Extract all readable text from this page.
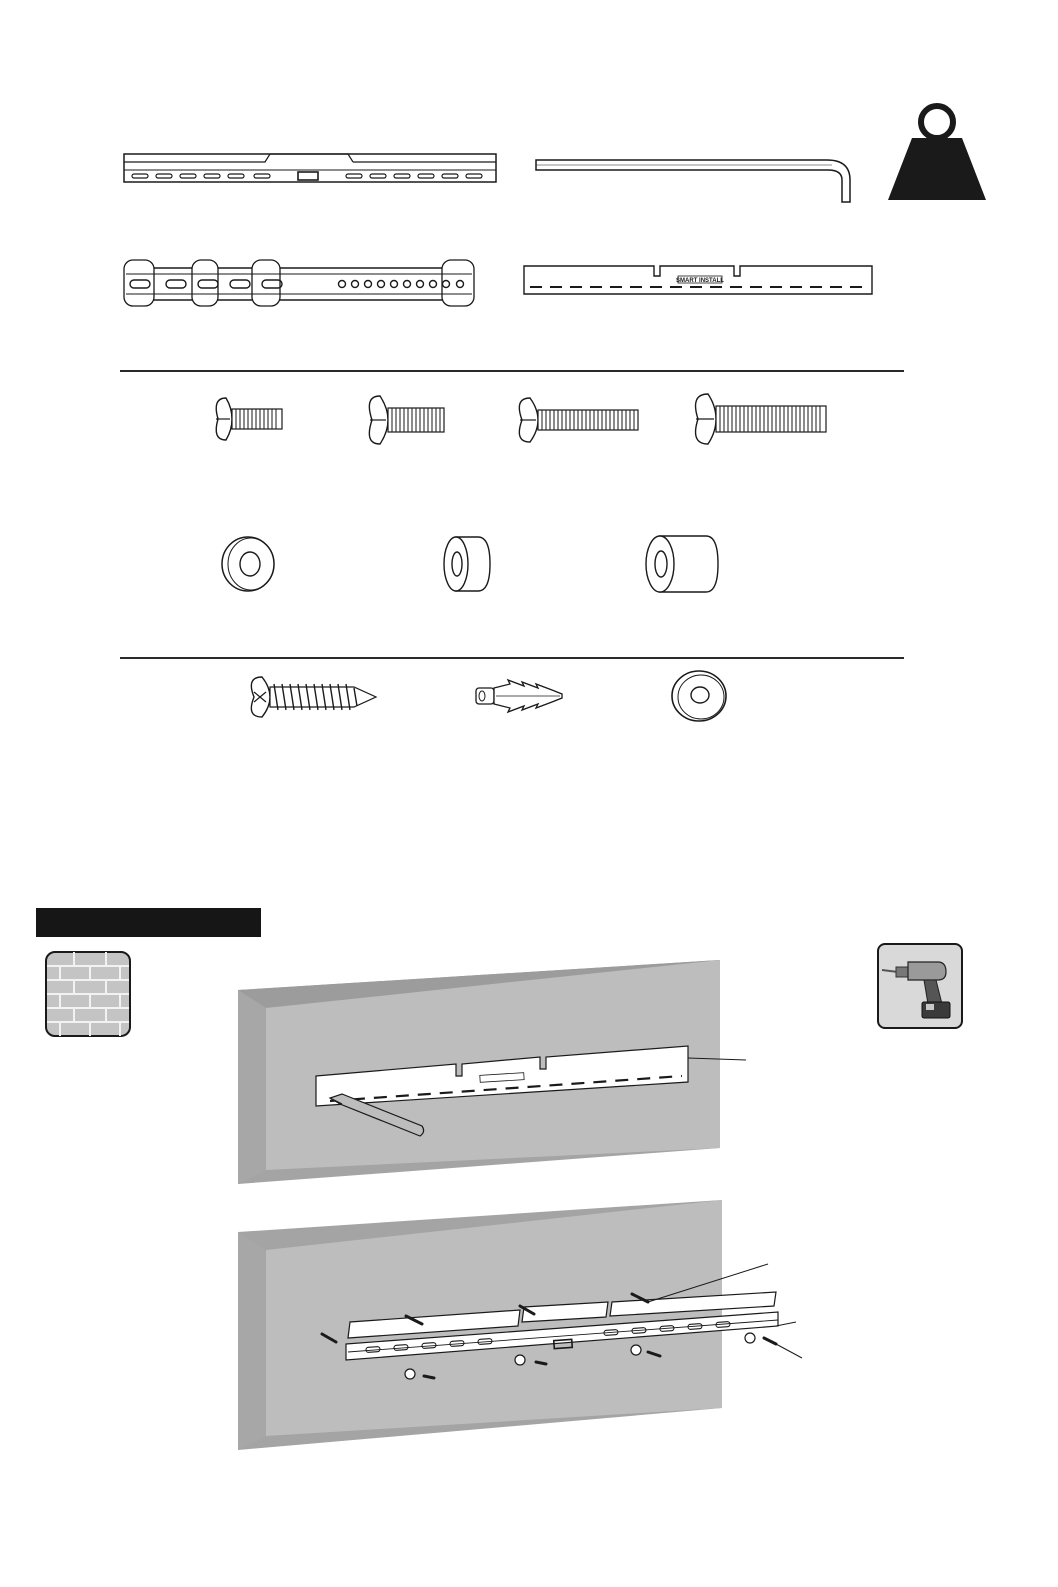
SMART INSTALL
